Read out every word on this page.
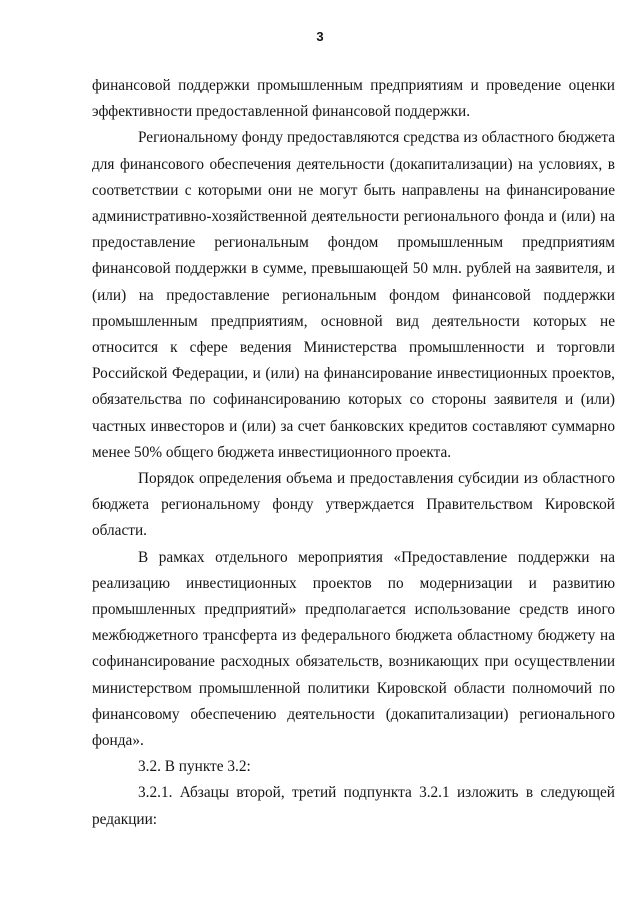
3

финансовой поддержки промышленным предприятиям и проведение оценки эффективности предоставленной финансовой поддержки.

Региональному фонду предоставляются средства из областного бюджета для финансового обеспечения деятельности (докапитализации) на условиях, в соответствии с которыми они не могут быть направлены на финансирование административно-хозяйственной деятельности регионального фонда и (или) на предоставление региональным фондом промышленным предприятиям финансовой поддержки в сумме, превышающей 50 млн. рублей на заявителя, и (или) на предоставление региональным фондом финансовой поддержки промышленным предприятиям, основной вид деятельности которых не относится к сфере ведения Министерства промышленности и торговли Российской Федерации, и (или) на финансирование инвестиционных проектов, обязательства по софинансированию которых со стороны заявителя и (или) частных инвесторов и (или) за счет банковских кредитов составляют суммарно менее 50% общего бюджета инвестиционного проекта.

Порядок определения объема и предоставления субсидии из областного бюджета региональному фонду утверждается Правительством Кировской области.

В рамках отдельного мероприятия «Предоставление поддержки на реализацию инвестиционных проектов по модернизации и развитию промышленных предприятий» предполагается использование средств иного межбюджетного трансферта из федерального бюджета областному бюджету на софинансирование расходных обязательств, возникающих при осуществлении министерством промышленной политики Кировской области полномочий по финансовому обеспечению деятельности (докапитализации) регионального фонда».

3.2. В пункте 3.2:

3.2.1. Абзацы второй, третий подпункта 3.2.1 изложить в следующей редакции:
